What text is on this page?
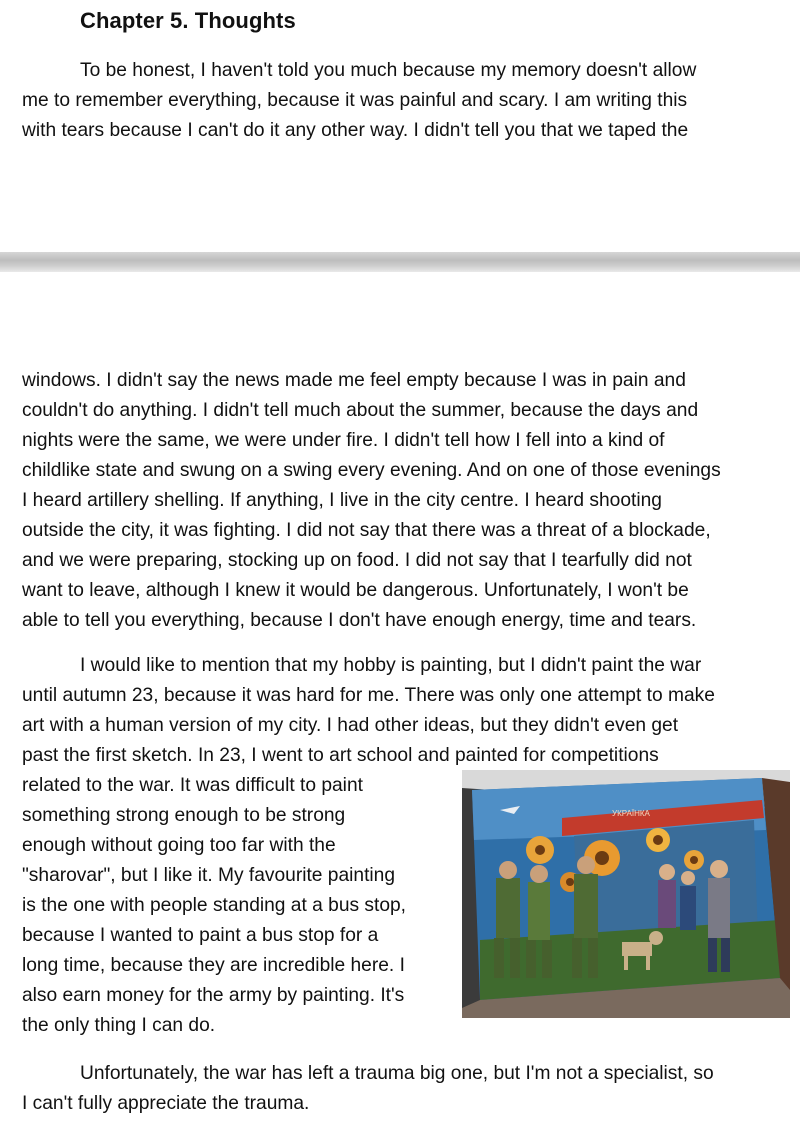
Chapter 5. Thoughts

To be honest, I haven't told you much because my memory doesn't allow
me to remember everything, because it was painful and scary. I am writing this
with tears because I can't do it any other way. I didn't tell you that we taped the

windows. I didn't say the news made me feel empty because I was in pain and
couldn't do anything. I didn't tell much about the summer, because the days and
nights were the same, we were under fire. I didn't tell how I fell into a kind of
childlike state and swung on a swing every evening. And on one of those evenings
I heard artillery shelling. If anything, I live in the city centre. I heard shooting
outside the city, it was fighting. I did not say that there was a threat of a blockade,
and we were preparing, stocking up on food. I did not say that I tearfully did not
want to leave, although I knew it would be dangerous. Unfortunately, I won't be
able to tell you everything, because I don't have enough energy, time and tears.

I would like to mention that my hobby is painting, but I didn't paint the war
until autumn 23, because it was hard for me. There was only one attempt to make
art with a human version of my city. I had other ideas, but they didn't even get
past the first sketch. In 23, I went to art school and painted for competitions
related to the war. It was difficult to paint
something strong enough to be strong
enough without going too far with the
"sharovar", but I like it. My favourite painting
is the one with people standing at a bus stop,
because I wanted to paint a bus stop for a
long time, because they are incredible here. I
also earn money for the army by painting. It's
the only thing I can do.

Unfortunately, the war has left a trauma big one, but I'm not a specialist, so
I can't fully appreciate the trauma.

УКРАЇНКА
